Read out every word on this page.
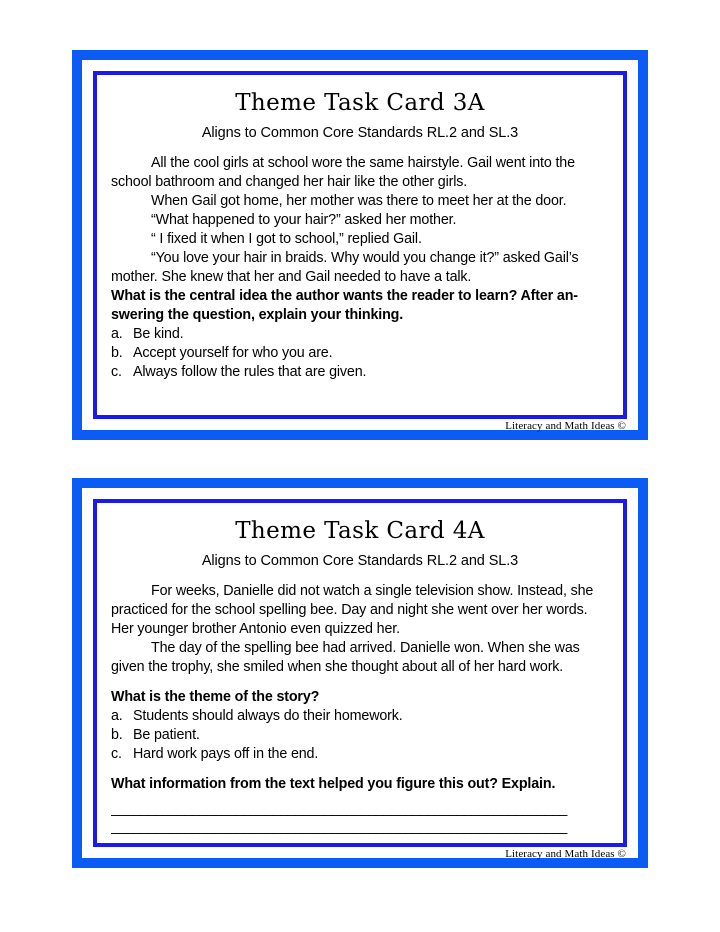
Theme Task Card 3A
Aligns to Common Core Standards RL.2 and SL.3

All the cool girls at school wore the same hairstyle. Gail went into the school bathroom and changed her hair like the other girls.

When Gail got home, her mother was there to meet her at the door.

“What happened to your hair?” asked her mother.

“ I fixed it when I got to school,” replied Gail.

“You love your hair in braids. Why would you change it?” asked Gail’s mother. She knew that her and Gail needed to have a talk.

What is the central idea the author wants the reader to learn? After an-swering the question, explain your thinking.

a. Be kind.
b. Accept yourself for who you are.
c. Always follow the rules that are given.
Literacy and Math Ideas ©
Theme Task Card 4A
Aligns to Common Core Standards RL.2 and SL.3

For weeks, Danielle did not watch a single television show. Instead, she practiced for the school spelling bee. Day and night she went over her words. Her younger brother Antonio even quizzed her.

The day of the spelling bee had arrived. Danielle won. When she was given the trophy, she smiled when she thought about all of her hard work.

What is the theme of the story?

a. Students should always do their homework.
b. Be patient.
c. Hard work pays off in the end.

What information from the text helped you figure this out? Explain.

______________________________________________________________
______________________________________________________________
Literacy and Math Ideas ©
